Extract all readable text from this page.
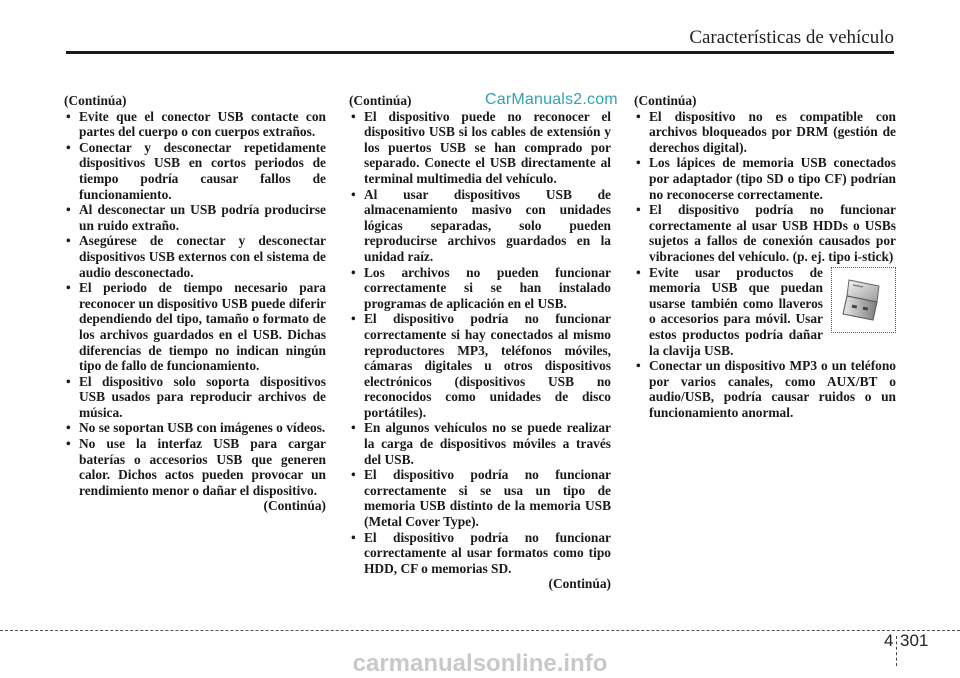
Características de vehículo
CarManuals2.com

(Continúa)

• Evite que el conector USB contacte con partes del cuerpo o con cuerpos extraños.
• Conectar y desconectar repetidamente dispositivos USB en cortos periodos de tiempo podría causar fallos de funcionamiento.
• Al desconectar un USB podría producirse un ruido extraño.
• Asegúrese de conectar y desconectar dispositivos USB externos con el sistema de audio desconectado.
• El periodo de tiempo necesario para reconocer un dispositivo USB puede diferir dependiendo del tipo, tamaño o formato de los archivos guardados en el USB. Dichas diferencias de tiempo no indican ningún tipo de fallo de funcionamiento.
• El dispositivo solo soporta dispositivos USB usados para reproducir archivos de música.
• No se soportan USB con imágenes o vídeos.
• No use la interfaz USB para cargar baterías o accesorios USB que generen calor. Dichos actos pueden provocar un rendimiento menor o dañar el dispositivo.
(Continúa)

(Continúa)

• El dispositivo puede no reconocer el dispositivo USB si los cables de extensión y los puertos USB se han comprado por separado. Conecte el USB directamente al terminal multimedia del vehículo.
• Al usar dispositivos USB de almacenamiento masivo con unidades lógicas separadas, solo pueden reproducirse archivos guardados en la unidad raíz.
• Los archivos no pueden funcionar correctamente si se han instalado programas de aplicación en el USB.
• El dispositivo podría no funcionar correctamente si hay conectados al mismo reproductores MP3, teléfonos móviles, cámaras digitales u otros dispositivos electrónicos (dispositivos USB no reconocidos como unidades de disco portátiles).
• En algunos vehículos no se puede realizar la carga de dispositivos móviles a través del USB.
• El dispositivo podría no funcionar correctamente si se usa un tipo de memoria USB distinto de la memoria USB (Metal Cover Type).
• El dispositivo podría no funcionar correctamente al usar formatos como tipo HDD, CF o memorias SD.
(Continúa)

(Continúa)

• El dispositivo no es compatible con archivos bloqueados por DRM (gestión de derechos digital).
• Los lápices de memoria USB conectados por adaptador (tipo SD o tipo CF) podrían no reconocerse correctamente.
• El dispositivo podría no funcionar correctamente al usar USB HDDs o USBs sujetos a fallos de conexión causados por vibraciones del vehículo. (p. ej. tipo i-stick)
• Evite usar productos de memoria USB que puedan usarse también como llaveros o accesorios para móvil. Usar estos productos podría dañar la clavija USB.
• Conectar un dispositivo MP3 o un teléfono por varios canales, como AUX/BT o audio/USB, podría causar ruidos o un funcionamiento anormal.
4 301
carmanualsonline.info
